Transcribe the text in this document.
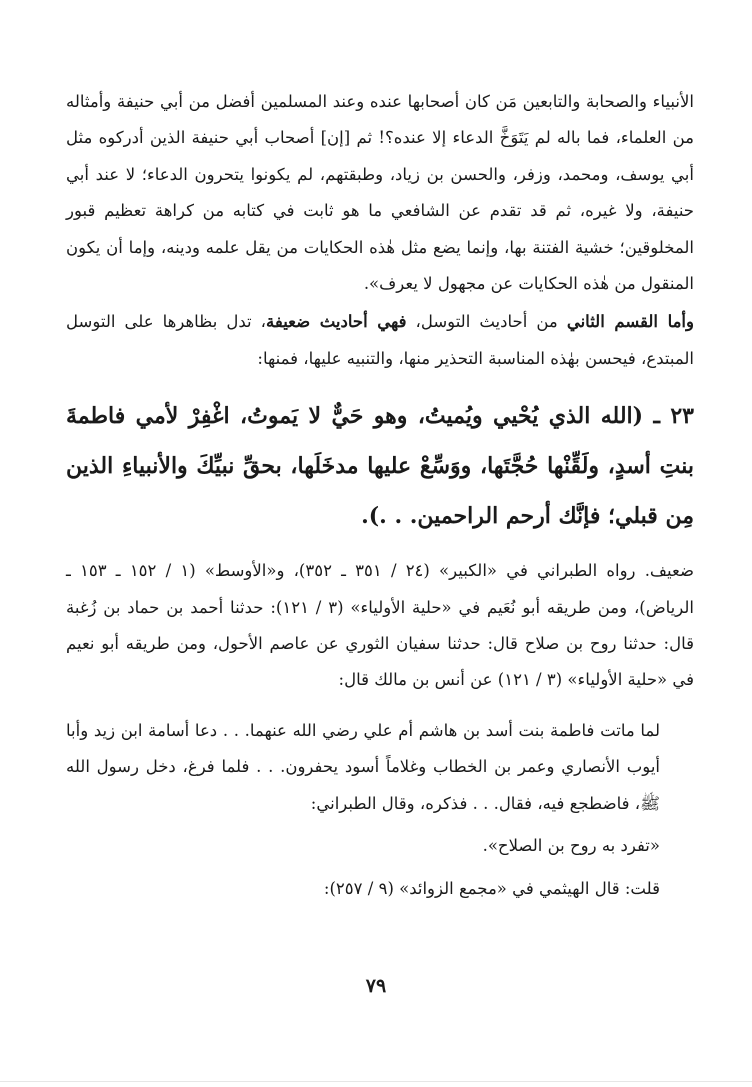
الأنبياء والصحابة والتابعين مَن كان أصحابها عنده وعند المسلمين أفضل من أبي حنيفة وأمثاله من العلماء، فما باله لم يَتَوَخَّ الدعاء إلا عنده؟! ثم [إن] أصحاب أبي حنيفة الذين أدركوه مثل أبي يوسف، ومحمد، وزفر، والحسن بن زياد، وطبقتهم، لم يكونوا يتحرون الدعاء؛ لا عند أبي حنيفة، ولا غيره، ثم قد تقدم عن الشافعي ما هو ثابت في كتابه من كراهة تعظيم قبور المخلوقين؛ خشية الفتنة بها، وإنما يضع مثل هٰذه الحكايات من يقل علمه ودينه، وإما أن يكون المنقول من هٰذه الحكايات عن مجهول لا يعرف».

وأما القسم الثاني من أحاديث التوسل، فهي أحاديث ضعيفة، تدل بظاهرها على التوسل المبتدع، فيحسن بهٰذه المناسبة التحذير منها، والتنبيه عليها، فمنها:

٢٣ ـ (الله الذي يُحْيي ويُميتُ، وهو حَيٌّ لا يَموتُ، اغْفِرْ لأمي فاطمةَ بنتِ أسدٍ، ولَقِّنْها حُجَّتَها، ووَسِّعْ عليها مدخَلَها، بحقِّ نبيِّكَ والأنبياءِ الذين مِن قبلي؛ فإنَّك أرحم الراحمين. . .).

ضعيف. رواه الطبراني في «الكبير» (٢٤ / ٣٥١ ـ ٣٥٢)، و«الأوسط» (١ / ١٥٢ ـ ١٥٣ ـ الرياض)، ومن طريقه أبو نُعَيم في «حلية الأولياء» (٣ / ١٢١): حدثنا أحمد بن حماد بن زُغبة قال: حدثنا روح بن صلاح قال: حدثنا سفيان الثوري عن عاصم الأحول، ومن طريقه أبو نعيم في «حلية الأولياء» (٣ / ١٢١) عن أنس بن مالك قال:

لما ماتت فاطمة بنت أسد بن هاشم أم علي رضي الله عنهما. . . دعا أسامة ابن زيد وأبا أيوب الأنصاري وعمر بن الخطاب وغلاماً أسود يحفرون. . . فلما فرغ، دخل رسول الله ﷺ، فاضطجع فيه، فقال. . . فذكره، وقال الطبراني:

«تفرد به روح بن الصلاح».

قلت: قال الهيثمي في «مجمع الزوائد» (٩ / ٢٥٧):

٧٩
